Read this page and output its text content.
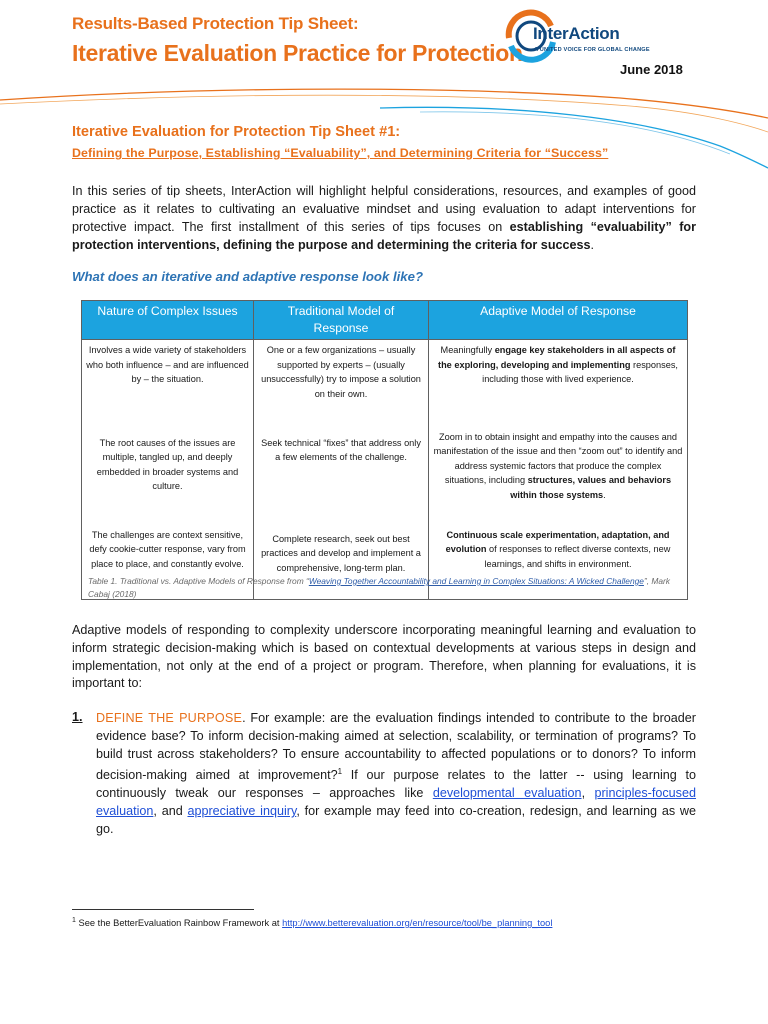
Results-Based Protection Tip Sheet:
Iterative Evaluation Practice for Protection
InterAction
A UNITED VOICE FOR GLOBAL CHANGE
June 2018
Iterative Evaluation for Protection Tip Sheet #1:
Defining the Purpose, Establishing “Evaluability”, and Determining Criteria for “Success”
In this series of tip sheets, InterAction will highlight helpful considerations, resources, and examples of good practice as it relates to cultivating an evaluative mindset and using evaluation to adapt interventions for protective impact. The first installment of this series of tips focuses on establishing “evaluability” for protection interventions, defining the purpose and determining the criteria for success.
What does an iterative and adaptive response look like?
Nature of Complex Issues	Traditional Model of Response	Adaptive Model of Response
Involves a wide variety of stakeholders who both influence – and are influenced by – the situation.	One or a few organizations – usually supported by experts – (usually unsuccessfully) try to impose a solution on their own.	Meaningfully engage key stakeholders in all aspects of the exploring, developing and implementing responses, including those with lived experience.
The root causes of the issues are multiple, tangled up, and deeply embedded in broader systems and culture.	Seek technical “fixes” that address only a few elements of the challenge.	Zoom in to obtain insight and empathy into the causes and manifestation of the issue and then “zoom out” to identify and address systemic factors that produce the complex situations, including structures, values and behaviors within those systems.
The challenges are context sensitive, defy cookie-cutter response, vary from place to place, and constantly evolve.	Complete research, seek out best practices and develop and implement a comprehensive, long-term plan.	Continuous scale experimentation, adaptation, and evolution of responses to reflect diverse contexts, new learnings, and shifts in environment.
Table 1. Traditional vs. Adaptive Models of Response from “Weaving Together Accountability and Learning in Complex Situations: A Wicked Challenge”, Mark Cabaj (2018)
Adaptive models of responding to complexity underscore incorporating meaningful learning and evaluation to inform strategic decision-making which is based on contextual developments at various steps in design and implementation, not only at the end of a project or program. Therefore, when planning for evaluations, it is important to:
1. DEFINE THE PURPOSE. For example: are the evaluation findings intended to contribute to the broader evidence base? To inform decision-making aimed at selection, scalability, or termination of programs? To build trust across stakeholders? To ensure accountability to affected populations or to donors? To inform decision-making aimed at improvement?$^1$ If our purpose relates to the latter -- using learning to continuously tweak our responses – approaches like developmental evaluation, principles-focused evaluation, and appreciative inquiry, for example may feed into co-creation, redesign, and learning as we go.
$^1$ See the BetterEvaluation Rainbow Framework at http://www.betterevaluation.org/en/resource/tool/be_planning_tool
